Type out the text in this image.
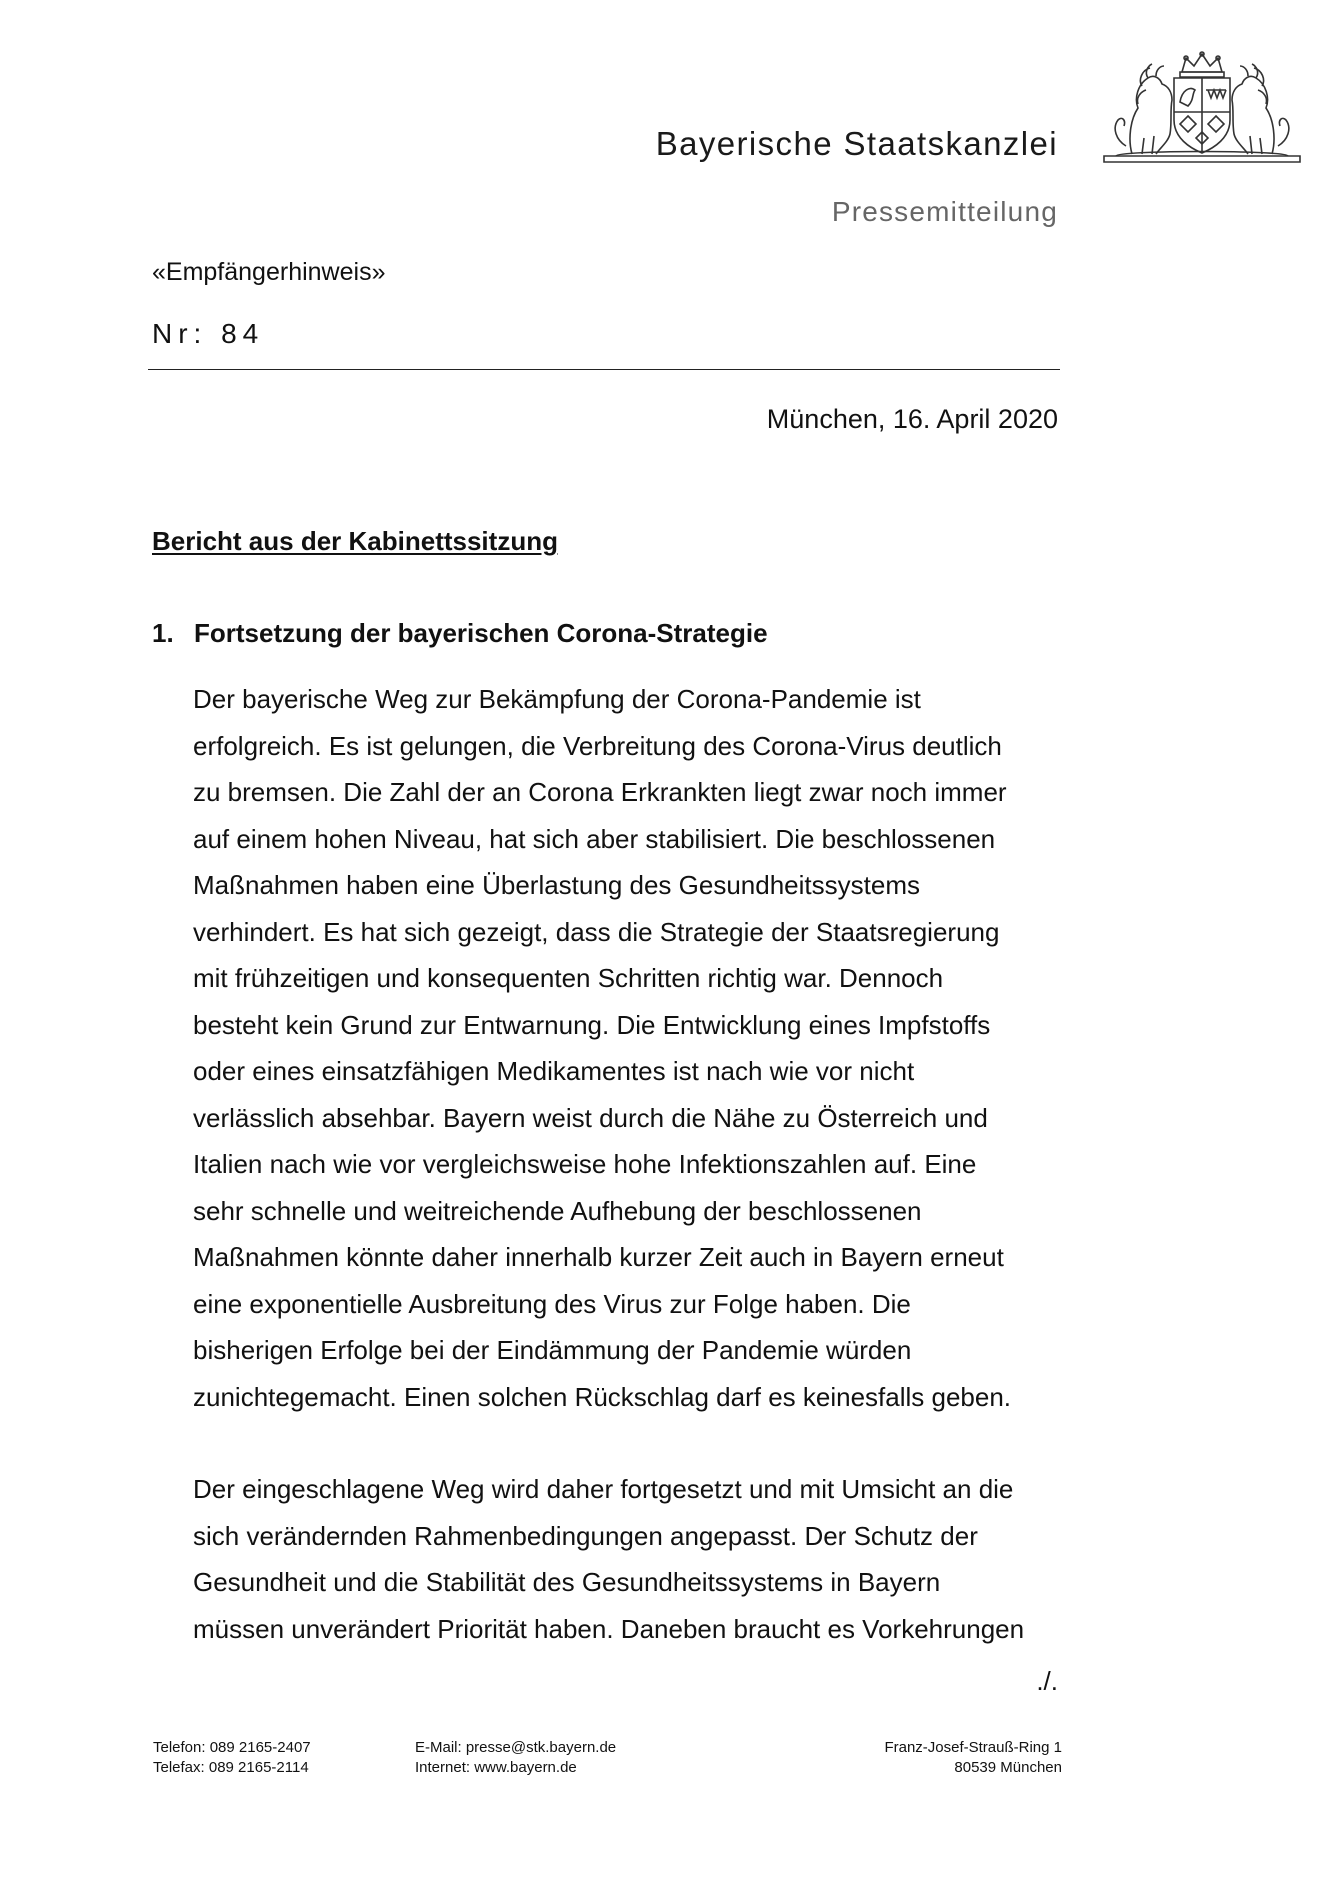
Bayerische Staatskanzlei
Pressemitteilung
«Empfängerhinweis»
Nr: 84
München, 16. April 2020
Bericht aus der Kabinettssitzung
1. Fortsetzung der bayerischen Corona-Strategie
Der bayerische Weg zur Bekämpfung der Corona-Pandemie ist
erfolgreich. Es ist gelungen, die Verbreitung des Corona-Virus deutlich
zu bremsen. Die Zahl der an Corona Erkrankten liegt zwar noch immer
auf einem hohen Niveau, hat sich aber stabilisiert. Die beschlossenen
Maßnahmen haben eine Überlastung des Gesundheitssystems
verhindert. Es hat sich gezeigt, dass die Strategie der Staatsregierung
mit frühzeitigen und konsequenten Schritten richtig war. Dennoch
besteht kein Grund zur Entwarnung. Die Entwicklung eines Impfstoffs
oder eines einsatzfähigen Medikamentes ist nach wie vor nicht
verlässlich absehbar. Bayern weist durch die Nähe zu Österreich und
Italien nach wie vor vergleichsweise hohe Infektionszahlen auf. Eine
sehr schnelle und weitreichende Aufhebung der beschlossenen
Maßnahmen könnte daher innerhalb kurzer Zeit auch in Bayern erneut
eine exponentielle Ausbreitung des Virus zur Folge haben. Die
bisherigen Erfolge bei der Eindämmung der Pandemie würden
zunichtegemacht. Einen solchen Rückschlag darf es keinesfalls geben.
Der eingeschlagene Weg wird daher fortgesetzt und mit Umsicht an die
sich verändernden Rahmenbedingungen angepasst. Der Schutz der
Gesundheit und die Stabilität des Gesundheitssystems in Bayern
müssen unverändert Priorität haben. Daneben braucht es Vorkehrungen
./.
Telefon: 089 2165-2407
Telefax: 089 2165-2114
E-Mail: presse@stk.bayern.de
Internet: www.bayern.de
Franz-Josef-Strauß-Ring 1
80539 München
